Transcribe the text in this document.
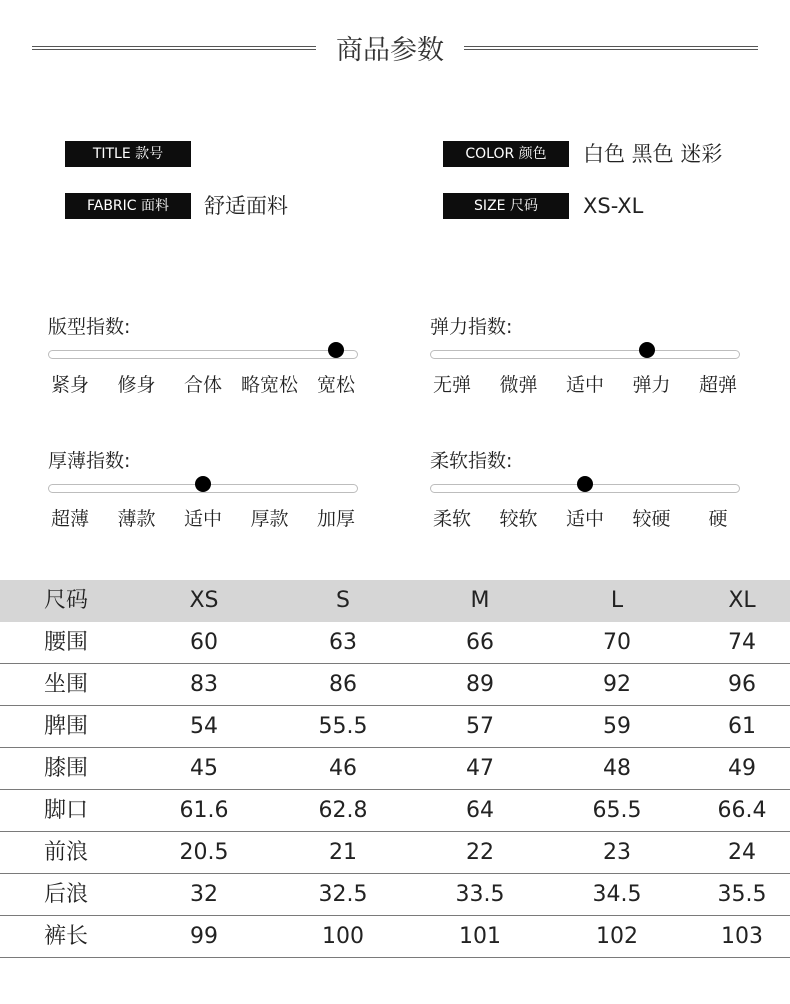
商品参数
TITLE 款号	COLOR 颜色	白色 黑色 迷彩
FABRIC 面料	舒适面料	SIZE 尺码	XS-XL
尺码	XS	S	M	L	XL
腰围	60	63	66	70	74
坐围	83	86	89	92	96
脾围	54	55.5	57	59	61
膝围	45	46	47	48	49
脚口	61.6	62.8	64	65.5	66.4
前浪	20.5	21	22	23	24
后浪	32	32.5	33.5	34.5	35.5
裤长	99	100	101	102	103
版型指数:
紧身 修身 合体 略宽松 宽松
弹力指数:
无弹 微弹 适中 弹力 超弹
厚薄指数:
超薄 薄款 适中 厚款 加厚
柔软指数:
柔软 较软 适中 较硬 硬
